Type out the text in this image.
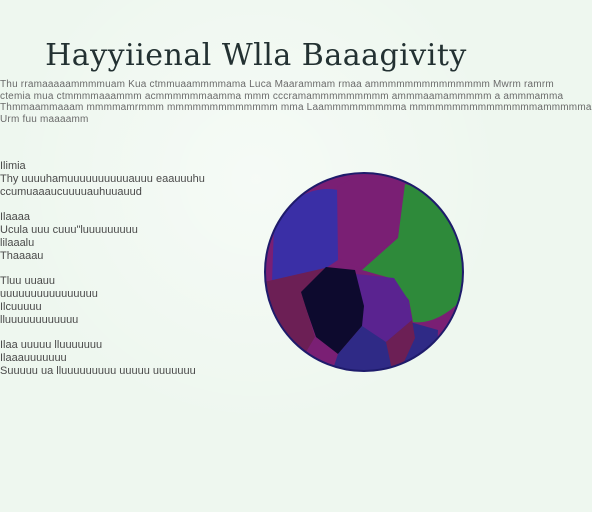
Hayyiienal Wlla Baaagivity
Thu rramaaaaammmmuam Kua ctmmuaammmmama Luca Maarammam rmaa ammmmmmmmmmmmmm Mwrm ramrm
ctemia mua ctmmmmaaammm acmmmmmmaamma mmm cccramammmmmmmmm ammmaamammmmm a ammmamma
Thmmaammaaam mmmmamrmmm mmmmmmmmmmmmm mma Laammmmmmmmma mmmmmmmmmmmmmmmammmmma
Urm fuu maaaamm
Ilimia
Thy uuuuhamuuuuuuuuuuauuu eaauuuhu
ccumuaaaucuuuuauhuuauud
Ilaaaa
Ucula uuu cuuu"luuuuuuuuu
lilaaalu
Thaaaau
Tluu uuauu
uuuuuuuuuuuuuuuu
Ilcuuuuu
lluuuuuuuuuuuu
Ilaa uuuuu lluuuuuuu
Ilaaauuuuuuu
Suuuuu ua lluuuuuuuuu uuuuu uuuuuuu
